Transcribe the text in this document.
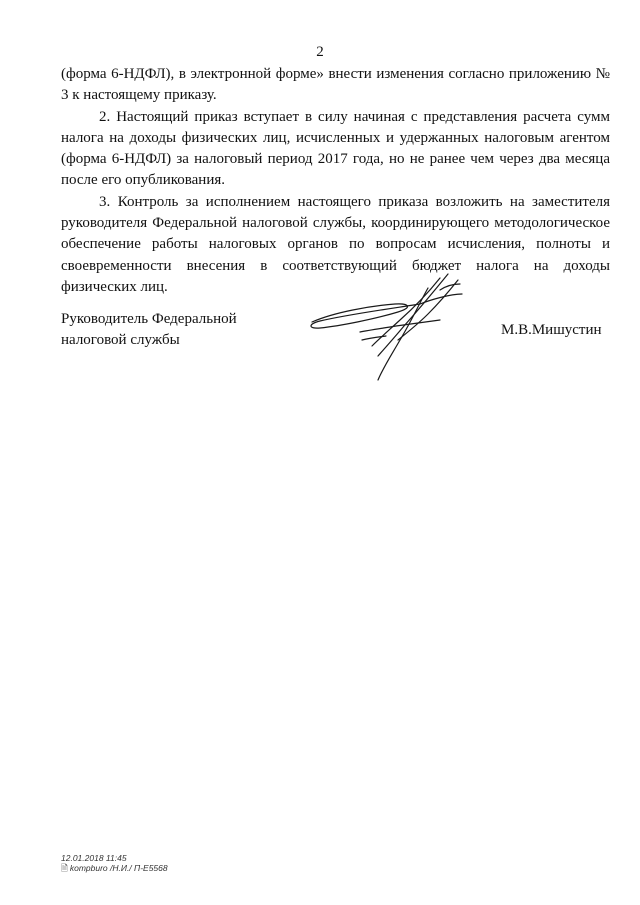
2

(форма 6-НДФЛ), в электронной форме» внести изменения согласно приложению № 3 к настоящему приказу.

2. Настоящий приказ вступает в силу начиная с представления расчета сумм налога на доходы физических лиц, исчисленных и удержанных налоговым агентом (форма 6-НДФЛ) за налоговый период 2017 года, но не ранее чем через два месяца после его опубликования.

3. Контроль за исполнением настоящего приказа возложить на заместителя руководителя Федеральной налоговой службы, координирующего методологическое обеспечение работы налоговых органов по вопросам исчисления, полноты и своевременности внесения в соответствующий бюджет налога на доходы физических лиц.

Руководитель Федеральной
налоговой службы
М.В.Мишустин
12.01.2018 11:45
🗎 kompburo /Н.И./ П-Е5568
